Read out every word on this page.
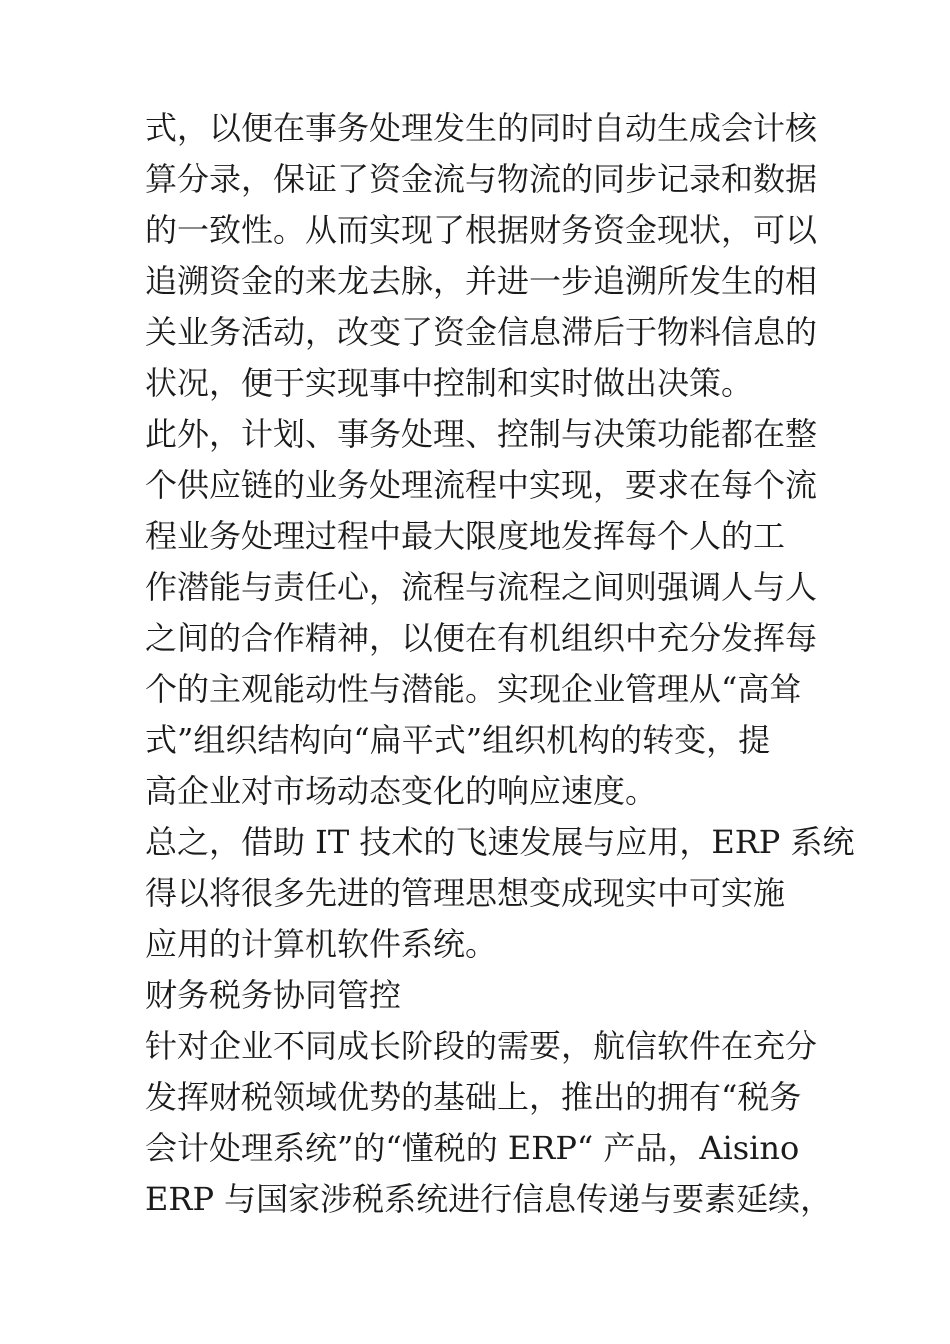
式，以便在事务处理发生的同时自动生成会计核
算分录，保证了资金流与物流的同步记录和数据
的一致性。从而实现了根据财务资金现状，可以
追溯资金的来龙去脉，并进一步追溯所发生的相
关业务活动，改变了资金信息滞后于物料信息的
状况，便于实现事中控制和实时做出决策。
此外，计划、事务处理、控制与决策功能都在整
个供应链的业务处理流程中实现，要求在每个流
程业务处理过程中最大限度地发挥每个人的工
作潜能与责任心，流程与流程之间则强调人与人
之间的合作精神，以便在有机组织中充分发挥每
个的主观能动性与潜能。实现企业管理从“高耸
式”组织结构向“扁平式”组织机构的转变，提
高企业对市场动态变化的响应速度。
总之，借助 IT 技术的飞速发展与应用，ERP 系统
得以将很多先进的管理思想变成现实中可实施
应用的计算机软件系统。
财务税务协同管控
针对企业不同成长阶段的需要，航信软件在充分
发挥财税领域优势的基础上，推出的拥有“税务
会计处理系统”的“懂税的 ERP“ 产品，Aisino
ERP 与国家涉税系统进行信息传递与要素延续，
